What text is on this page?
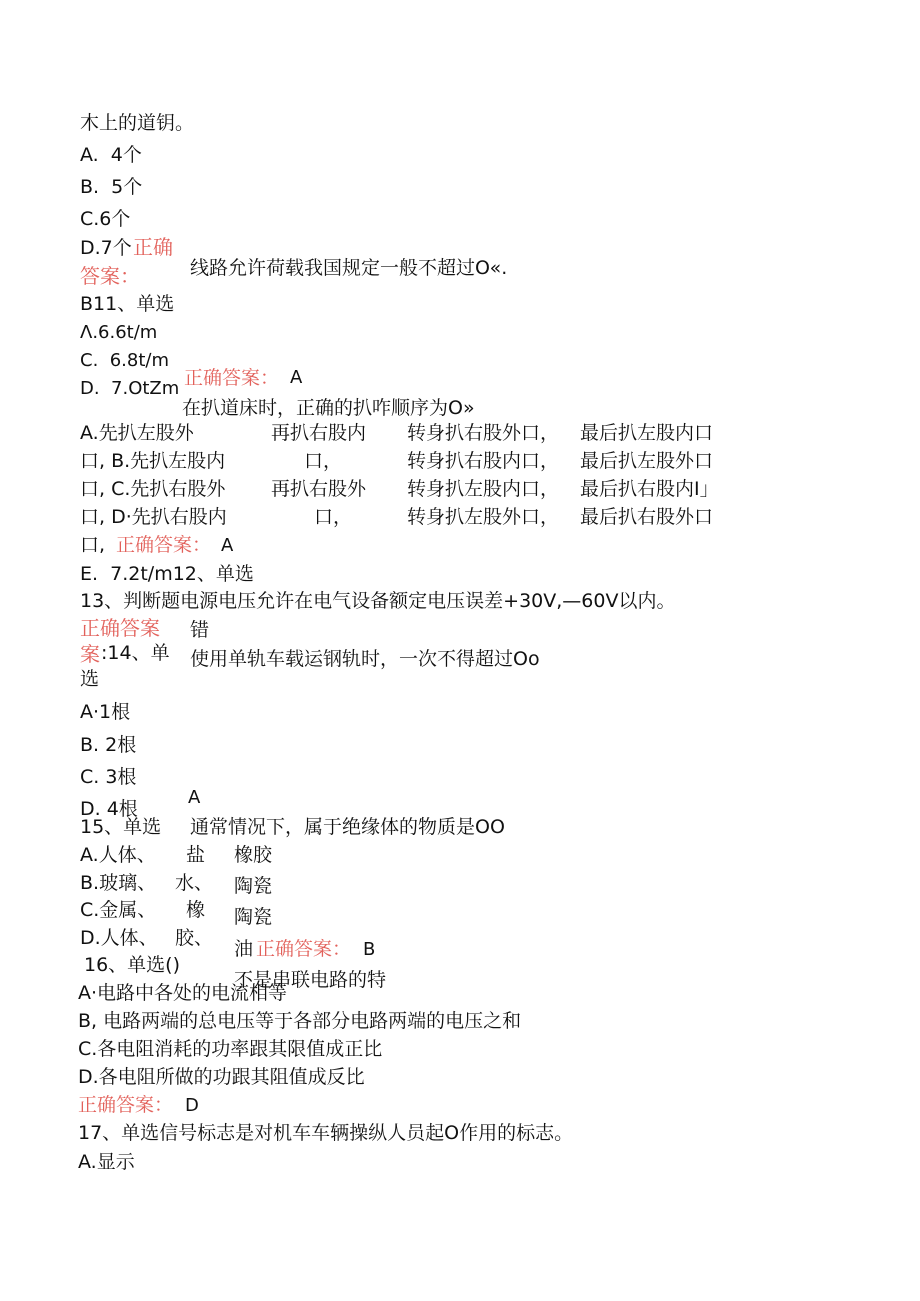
木上的道钥。
A.  4个
B.  5个
C.6个
D.7个 正确
答案：	线路允许荷载我国规定一般不超过O«.
B11、单选
Λ.6.6t∕m
C.  6.8t∕m
正确答案： A
D.  7.OtZm
在扒道床时，正确的扒咋顺序为O»
A.先扒左股外	再扒右股内 转身扒右股外口， 最后扒左股内口
口, B.先扒左股内	口，	转身扒右股内口， 最后扒左股外口
口, C.先扒右股外 再扒右股外 转身扒左股内口， 最后扒右股内I」
口, D·先扒右股内	口，	转身扒左股外口， 最后扒右股外口
口, 正确答案： A
E.  7.2t∕m12、单选
13、判断题电源电压允许在电气设备额定电压误差+30V,—60V以内。
正确答案 错
案 :14、单 使用单轨车载运钢轨时，一次不得超过Oo
选
A·1根
B. 2根
C. 3根
D. 4根
A
15、单选 通常情况下，属于绝缘体的物质是OO
A.人体、 盐 橡胶
B.玻璃、 水、 陶瓷
C.金属、 橡 陶瓷
D.人体、 胶、 油 正确答案： B
16、单选()
不是串联电路的特
A·电路中各处的电流相等
B, 电路两端的总电压等于各部分电路两端的电压之和
C.各电阻消耗的功率跟其限值成正比
D.各电阻所做的功跟其阻值成反比
正确答案： D
17、单选信号标志是对机车车辆操纵人员起O作用的标志。
A.显示
